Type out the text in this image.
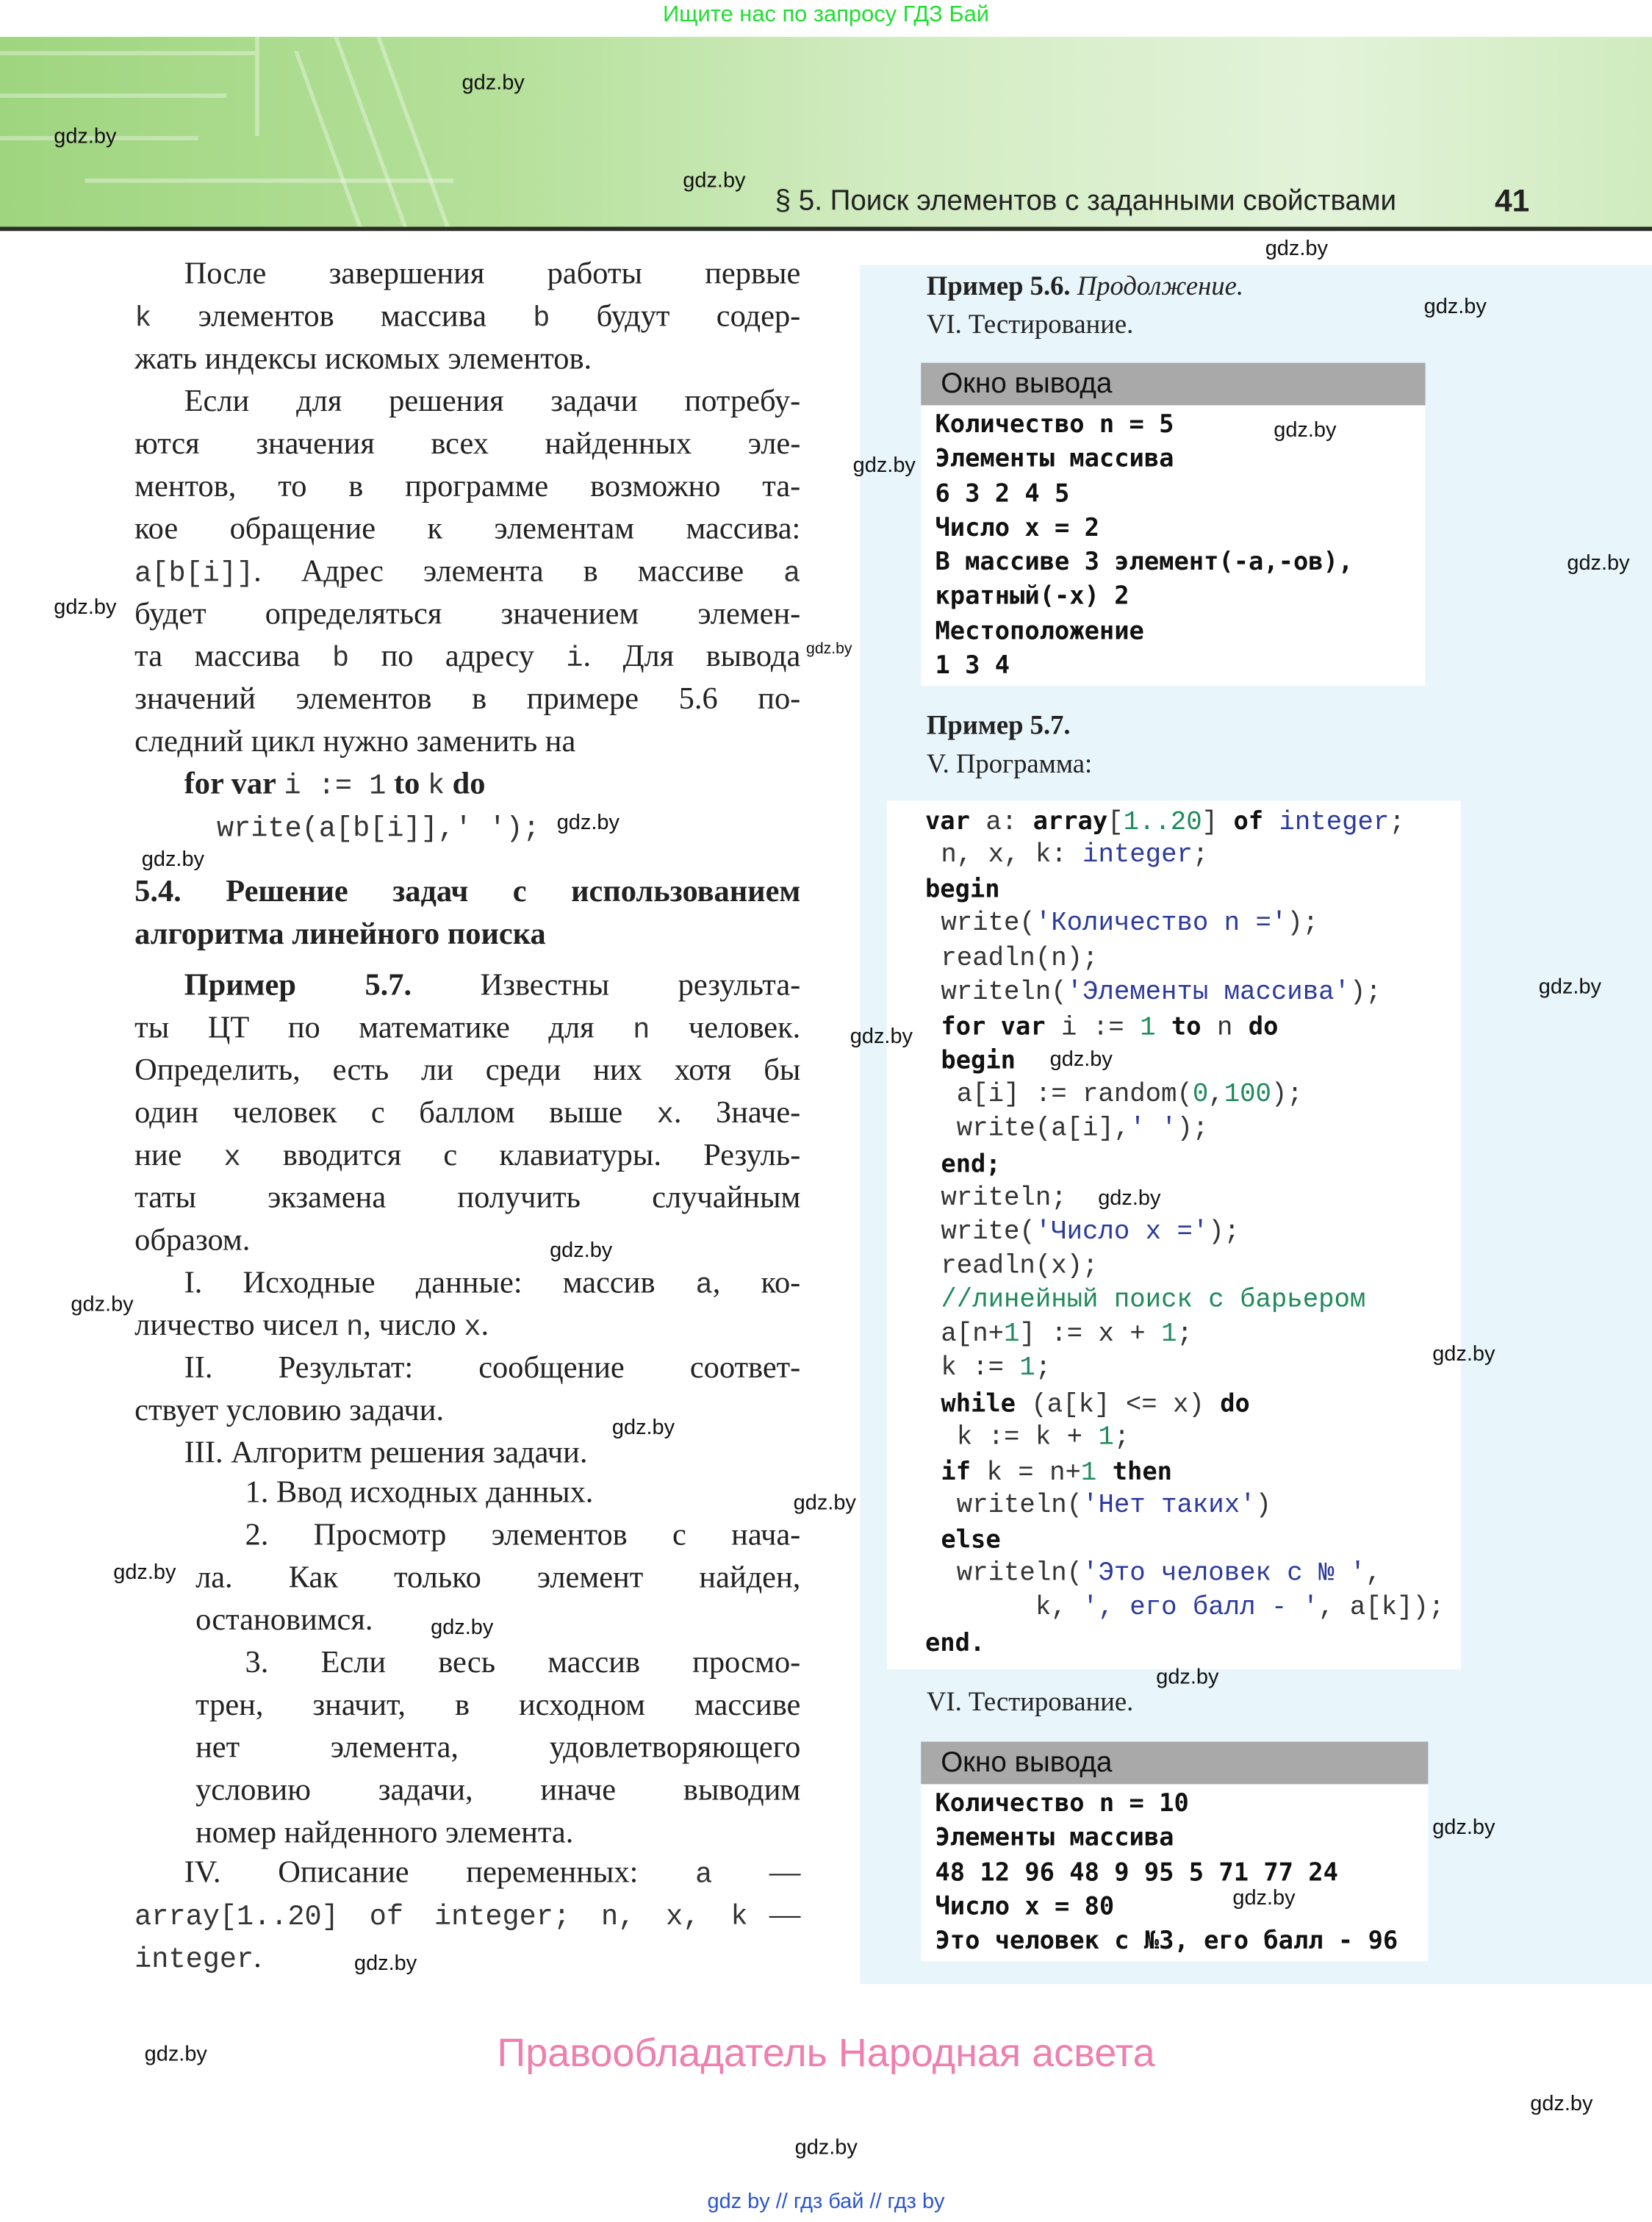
Ищите нас по запросу ГДЗ Бай
§ 5. Поиск элементов с заданными свойствами	41
После завершения работы первые
k элементов массива b будут содер-
жать индексы искомых элементов.
Если для решения задачи потребу-
ются значения всех найденных эле-
ментов, то в программе возможно та-
кое обращение к элементам массива:
a[b[i]]. Адрес элемента в массиве a
будет определяться значением элемен-
та массива b по адресу i. Для вывода
значений элементов в примере 5.6 по-
следний цикл нужно заменить на
for var i := 1 to k do
write(a[b[i]],' ');
5.4. Решение задач с использованием
алгоритма линейного поиска
Пример 5.7. Известны результа-
ты ЦТ по математике для n человек.
Определить, есть ли среди них хотя бы
один человек с баллом выше x. Значе-
ние x вводится с клавиатуры. Резуль-
таты экзамена получить случайным
образом.
I. Исходные данные: массив a, ко-
личество чисел n, число x.
II. Результат: сообщение соответ-
ствует условию задачи.
III. Алгоритм решения задачи.
1. Ввод исходных данных.
2. Просмотр элементов с нача-
ла. Как только элемент найден,
остановимся.
3. Если весь массив просмо-
трен, значит, в исходном массиве
нет элемента, удовлетворяющего
условию задачи, иначе выводим
номер найденного элемента.
IV. Описание переменных: a —
array[1..20] of integer; n, x, k —
integer.
Пример 5.6. Продолжение.
VI. Тестирование.
Окно вывода
Количество n = 5
Элементы массива
6 3 2 4 5
Число x = 2
В массиве 3 элемент(-а,-ов),
кратный(-х) 2
Местоположение
1 3 4
Пример 5.7.
V. Программа:
var a: array[1..20] of integer;
n, x, k: integer;
begin
write('Количество n =');
readln(n);
writeln('Элементы массива');
for var i := 1 to n do
begin
a[i] := random(0,100);
write(a[i],' ');
end;
writeln;
write('Число x =');
readln(x);
//линейный поиск с барьером
a[n+1] := x + 1;
k := 1;
while (a[k] <= x) do
k := k + 1;
if k = n+1 then
writeln('Нет таких')
else
writeln('Это человек с № ',
k, ', его балл - ', a[k]);
end.
VI. Тестирование.
Окно вывода
Количество n = 10
Элементы массива
48 12 96 48 9 95 5 71 77 24
Число x = 80
Это человек с №3, его балл - 96
Правообладатель Народная асвета
gdz by // гдз бай // гдз by
gdz.by
gdz.by
gdz.by
gdz.by
gdz.by
gdz.by
gdz.by
gdz.by
gdz.by
gdz.by
gdz.by
gdz.by
gdz.by
gdz.by
gdz.by
gdz.by
gdz.by
gdz.by
gdz.by
gdz.by
gdz.by
gdz.by
gdz.by
gdz.by
gdz.by
gdz.by
gdz.by
gdz.by
gdz.by
gdz.by
